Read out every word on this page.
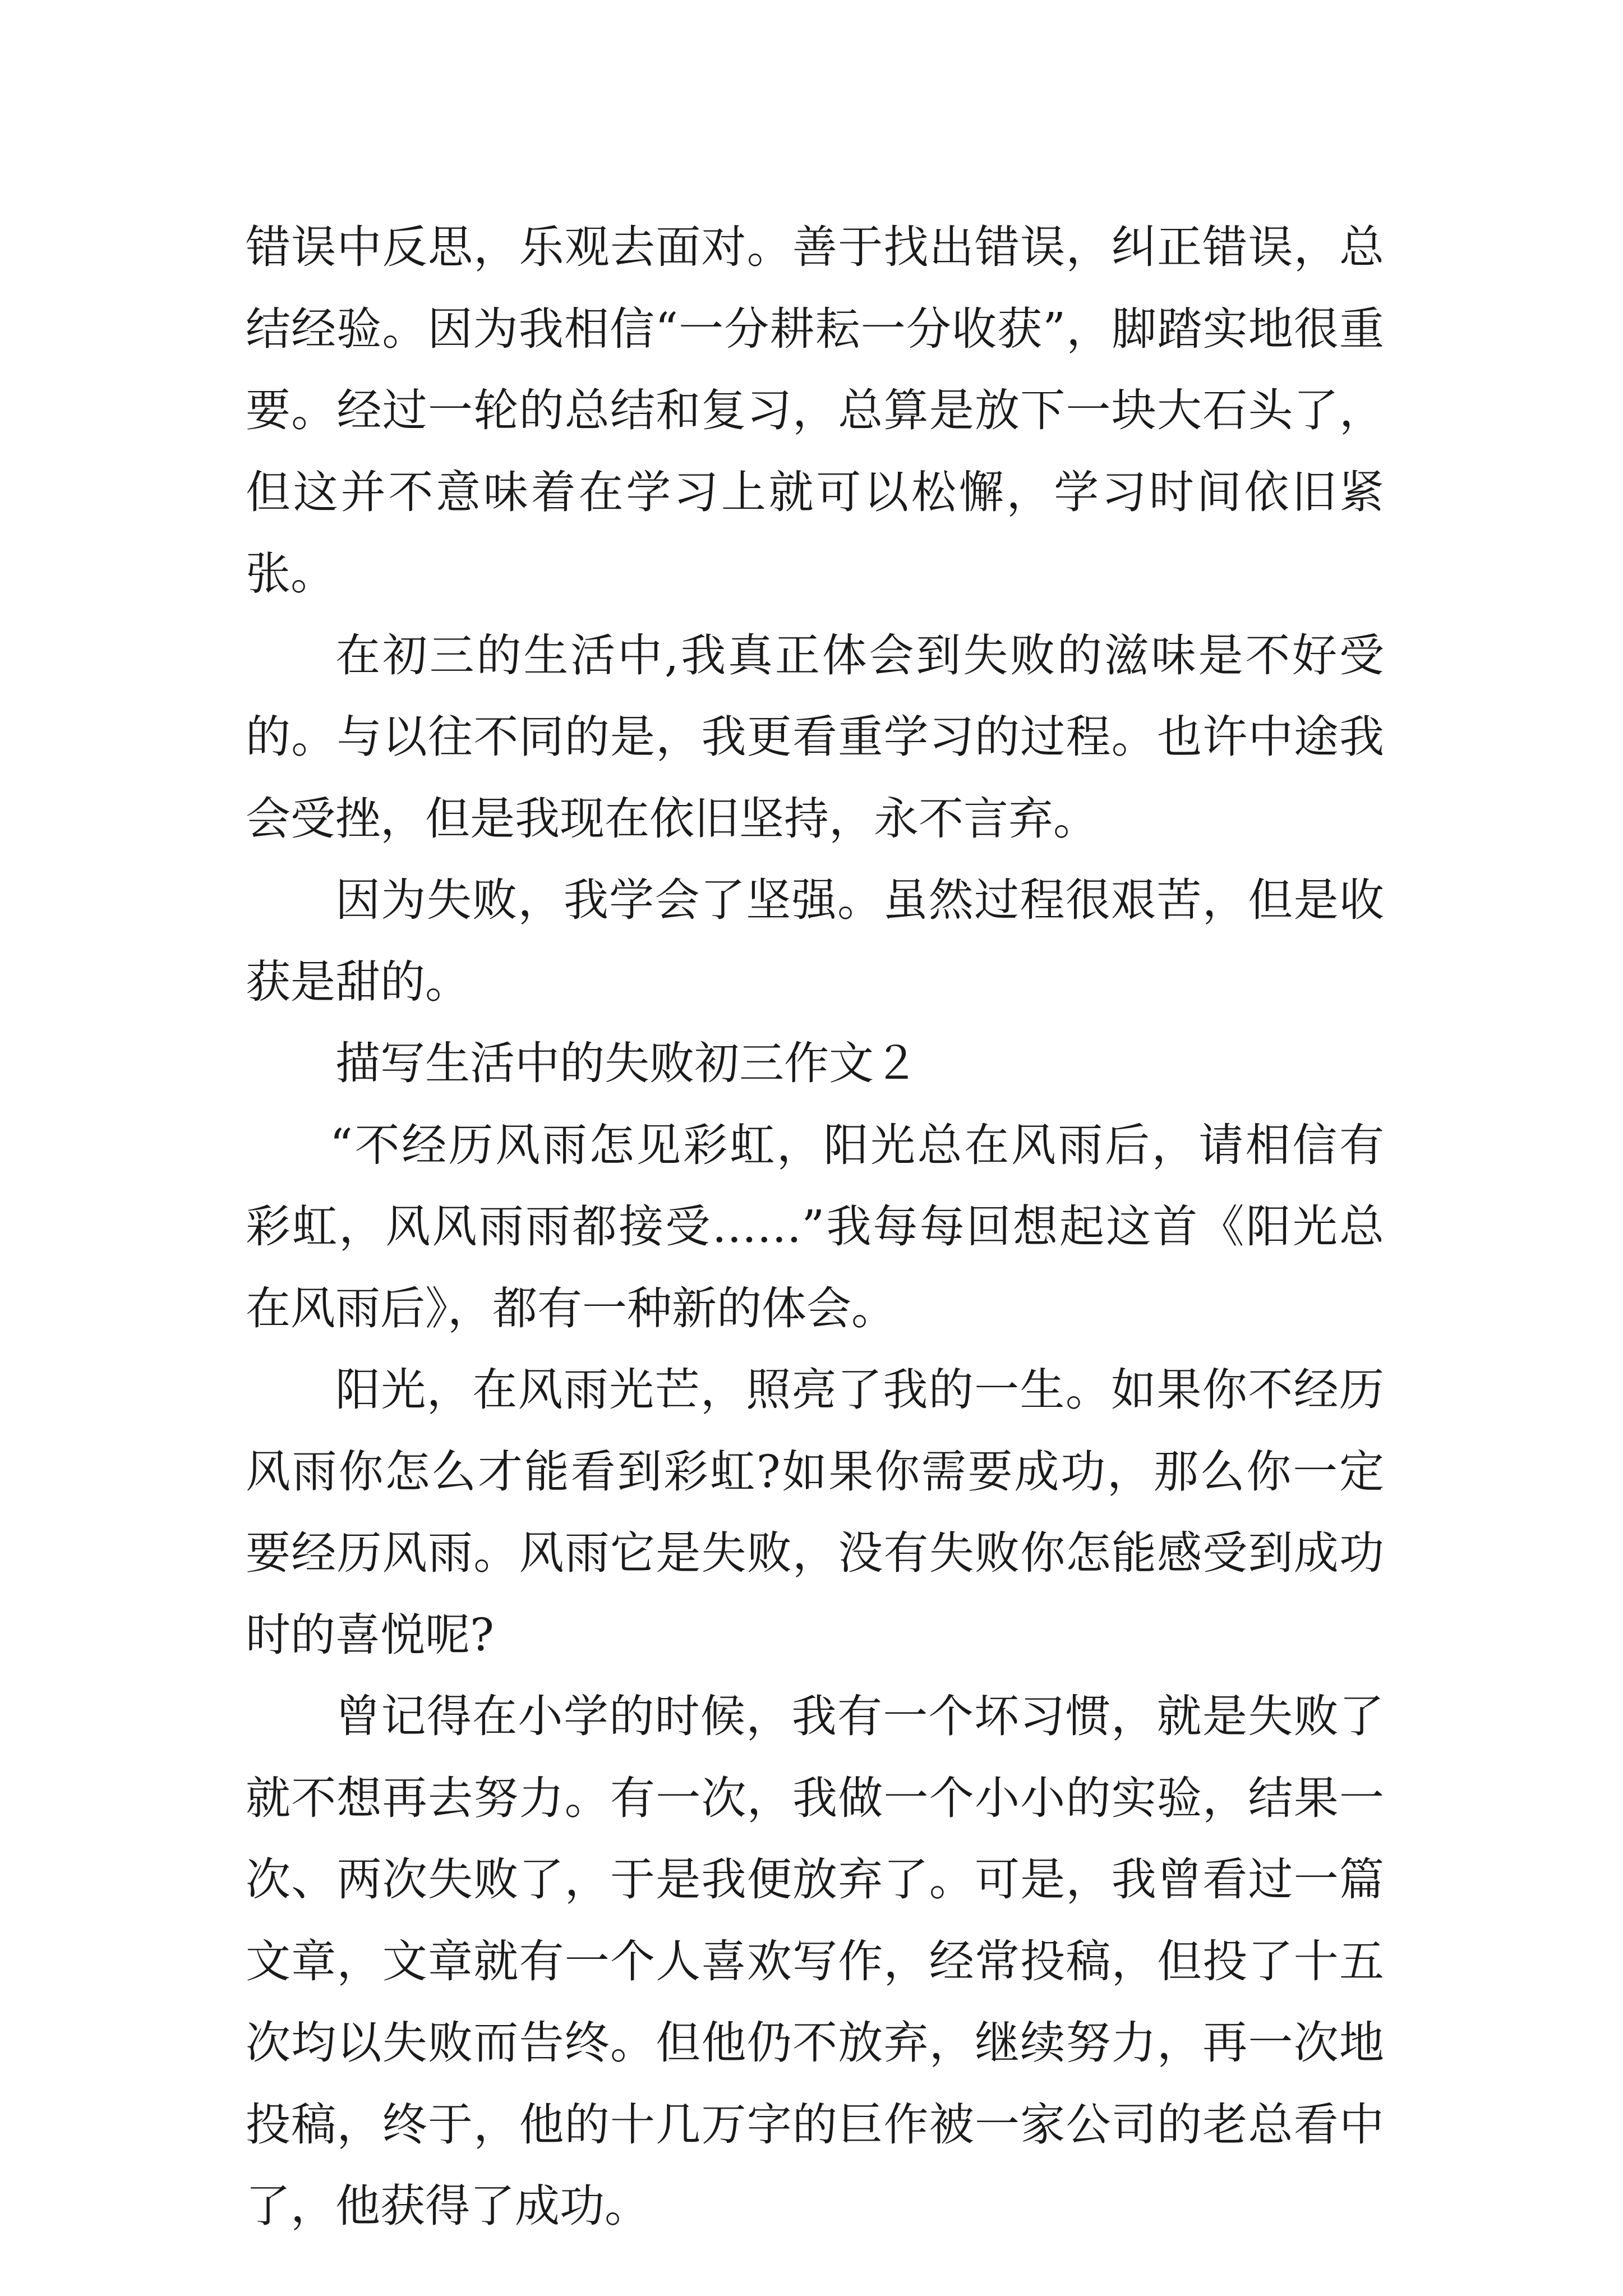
错误中反思，乐观去面对。善于找出错误，纠正错误，总结经验。因为我相信“一分耕耘一分收获”，脚踏实地很重要。经过一轮的总结和复习，总算是放下一块大石头了，但这并不意味着在学习上就可以松懈，学习时间依旧紧张。

在初三的生活中,我真正体会到失败的滋味是不好受的。与以往不同的是，我更看重学习的过程。也许中途我会受挫，但是我现在依旧坚持，永不言弃。

因为失败，我学会了坚强。虽然过程很艰苦，但是收获是甜的。

描写生活中的失败初三作文２

“不经历风雨怎见彩虹，阳光总在风雨后，请相信有彩虹，风风雨雨都接受……”我每每回想起这首《阳光总在风雨后》，都有一种新的体会。

阳光，在风雨光芒，照亮了我的一生。如果你不经历风雨你怎么才能看到彩虹?如果你需要成功，那么你一定要经历风雨。风雨它是失败，没有失败你怎能感受到成功时的喜悦呢?

曾记得在小学的时候，我有一个坏习惯，就是失败了就不想再去努力。有一次，我做一个小小的实验，结果一次、两次失败了，于是我便放弃了。可是，我曾看过一篇文章，文章就有一个人喜欢写作，经常投稿，但投了十五次均以失败而告终。但他仍不放弃，继续努力，再一次地投稿，终于，他的十几万字的巨作被一家公司的老总看中了，他获得了成功。
